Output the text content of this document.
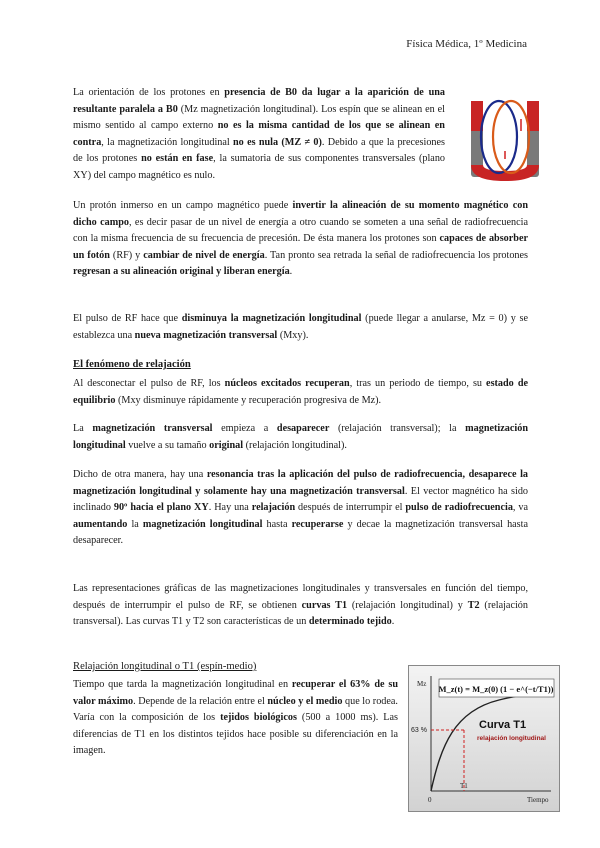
Física Médica, 1º Medicina

La orientación de los protones en presencia de B0 da lugar a la aparición de una resultante paralela a B0 (Mz magnetización longitudinal). Los espín que se alinean en el mismo sentido al campo externo no es la misma cantidad de los que se alinean en contra, la magnetización longitudinal no es nula (MZ ≠ 0). Debido a que la precesiones de los protones no están en fase, la sumatoria de sus componentes transversales (plano XY) del campo magnético es nulo.

Un protón inmerso en un campo magnético puede invertir la alineación de su momento magnético con dicho campo, es decir pasar de un nivel de energía a otro cuando se someten a una señal de radiofrecuencia con la misma frecuencia de su frecuencia de precesión. De ésta manera los protones son capaces de absorber un fotón (RF) y cambiar de nivel de energía. Tan pronto sea retrada la señal de radiofrecuencia los protones regresan a su alineación original y liberan energía.

El pulso de RF hace que disminuya la magnetización longitudinal (puede llegar a anularse, Mz = 0) y se establezca una nueva magnetización transversal (Mxy).

El fenómeno de relajación

Al desconectar el pulso de RF, los núcleos excitados recuperan, tras un periodo de tiempo, su estado de equilibrio (Mxy disminuye rápidamente y recuperación progresiva de Mz).

La magnetización transversal empieza a desaparecer (relajación transversal); la magnetización longitudinal vuelve a su tamaño original (relajación longitudinal).

Dicho de otra manera, hay una resonancia tras la aplicación del pulso de radiofrecuencia, desaparece la magnetización longitudinal y solamente hay una magnetización transversal. El vector magnético ha sido inclinado 90º hacia el plano XY. Hay una relajación después de interrumpir el pulso de radiofrecuencia, va aumentando la magnetización longitudinal hasta recuperarse y decae la magnetización transversal hasta desaparecer.

Las representaciones gráficas de las magnetizaciones longitudinales y transversales en función del tiempo, después de interrumpir el pulso de RF, se obtienen curvas T1 (relajación longitudinal) y T2 (relajación transversal). Las curvas T1 y T2 son características de un determinado tejido.

Relajación longitudinal o T1 (espín-medio)

Tiempo que tarda la magnetización longitudinal en recuperar el 63% de su valor máximo. Depende de la relación entre el núcleo y el medio que lo rodea. Varía con la composición de los tejidos biológicos (500 a 1000 ms). Las diferencias de T1 en los distintos tejidos hace posible su diferenciación en la imagen.

M_z(t) = M_z(0) (1 − e^(−t/T1))
Mz
63 %	Curva T1
relajación longitudinal
0
T1
Tiempo
